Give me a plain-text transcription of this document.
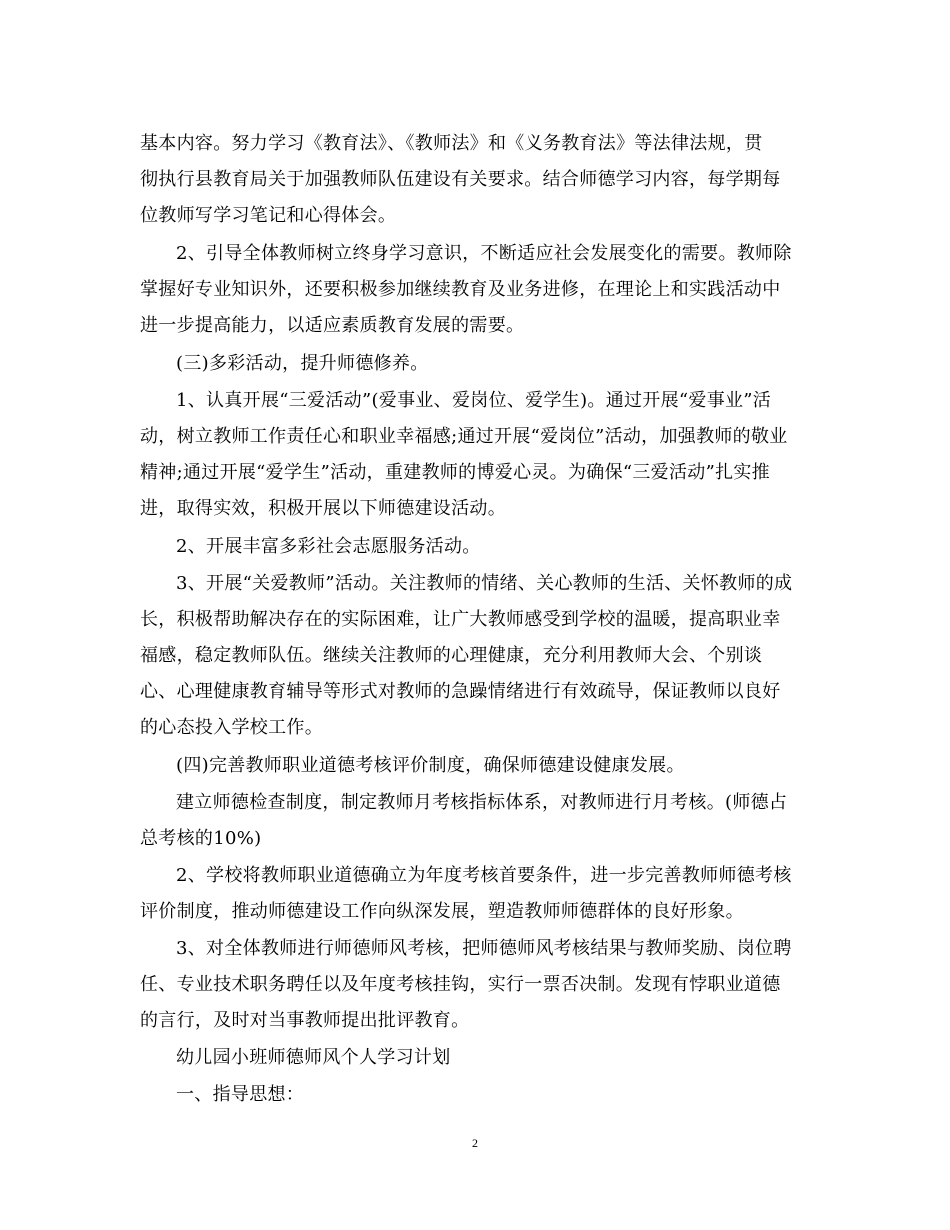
基本内容。努力学习《教育法》、《教师法》和《义务教育法》等法律法规，贯
彻执行县教育局关于加强教师队伍建设有关要求。结合师德学习内容，每学期每
位教师写学习笔记和心得体会。
2、引导全体教师树立终身学习意识，不断适应社会发展变化的需要。教师除
掌握好专业知识外，还要积极参加继续教育及业务进修，在理论上和实践活动中
进一步提高能力，以适应素质教育发展的需要。
(三)多彩活动，提升师德修养。
1、认真开展“三爱活动”(爱事业、爱岗位、爱学生)。通过开展“爱事业”活
动，树立教师工作责任心和职业幸福感;通过开展“爱岗位”活动，加强教师的敬业
精神;通过开展“爱学生”活动，重建教师的博爱心灵。为确保“三爱活动”扎实推
进，取得实效，积极开展以下师德建设活动。
2、开展丰富多彩社会志愿服务活动。
3、开展“关爱教师”活动。关注教师的情绪、关心教师的生活、关怀教师的成
长，积极帮助解决存在的实际困难，让广大教师感受到学校的温暖，提高职业幸
福感，稳定教师队伍。继续关注教师的心理健康，充分利用教师大会、个别谈
心、心理健康教育辅导等形式对教师的急躁情绪进行有效疏导，保证教师以良好
的心态投入学校工作。
(四)完善教师职业道德考核评价制度，确保师德建设健康发展。
建立师德检查制度，制定教师月考核指标体系，对教师进行月考核。(师德占
总考核的10%)
2、学校将教师职业道德确立为年度考核首要条件，进一步完善教师师德考核
评价制度，推动师德建设工作向纵深发展，塑造教师师德群体的良好形象。
3、对全体教师进行师德师风考核，把师德师风考核结果与教师奖励、岗位聘
任、专业技术职务聘任以及年度考核挂钩，实行一票否决制。发现有悖职业道德
的言行，及时对当事教师提出批评教育。
幼儿园小班师德师风个人学习计划
一、指导思想：
2
